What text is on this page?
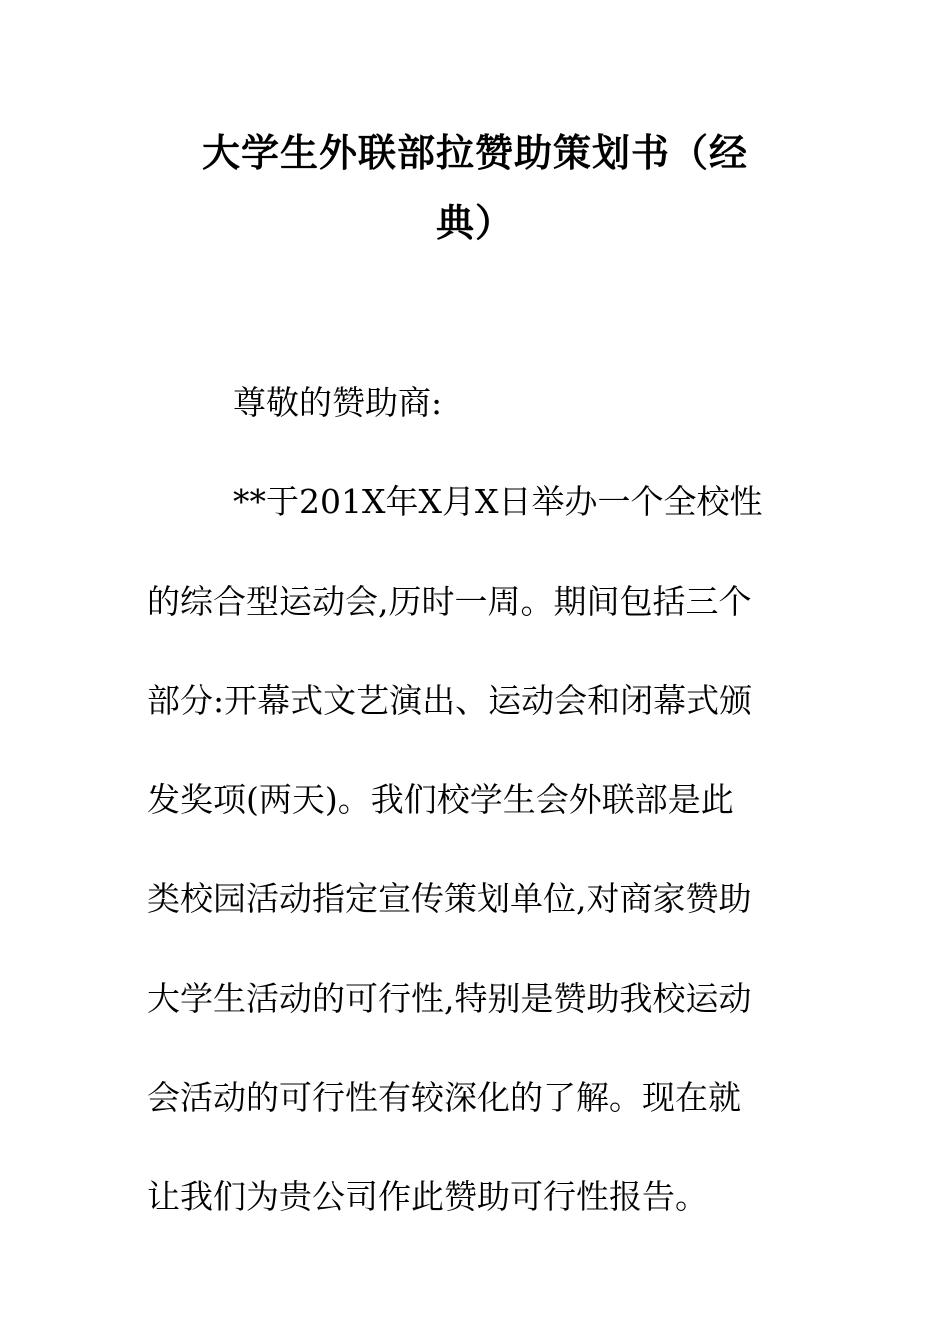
大学生外联部拉赞助策划书（经
典）
尊敬的赞助商:
**于201X年X月X日举办一个全校性
的综合型运动会,历时一周。期间包括三个
部分:开幕式文艺演出、运动会和闭幕式颁
发奖项(两天)。我们校学生会外联部是此
类校园活动指定宣传策划单位,对商家赞助
大学生活动的可行性,特别是赞助我校运动
会活动的可行性有较深化的了解。现在就
让我们为贵公司作此赞助可行性报告。
